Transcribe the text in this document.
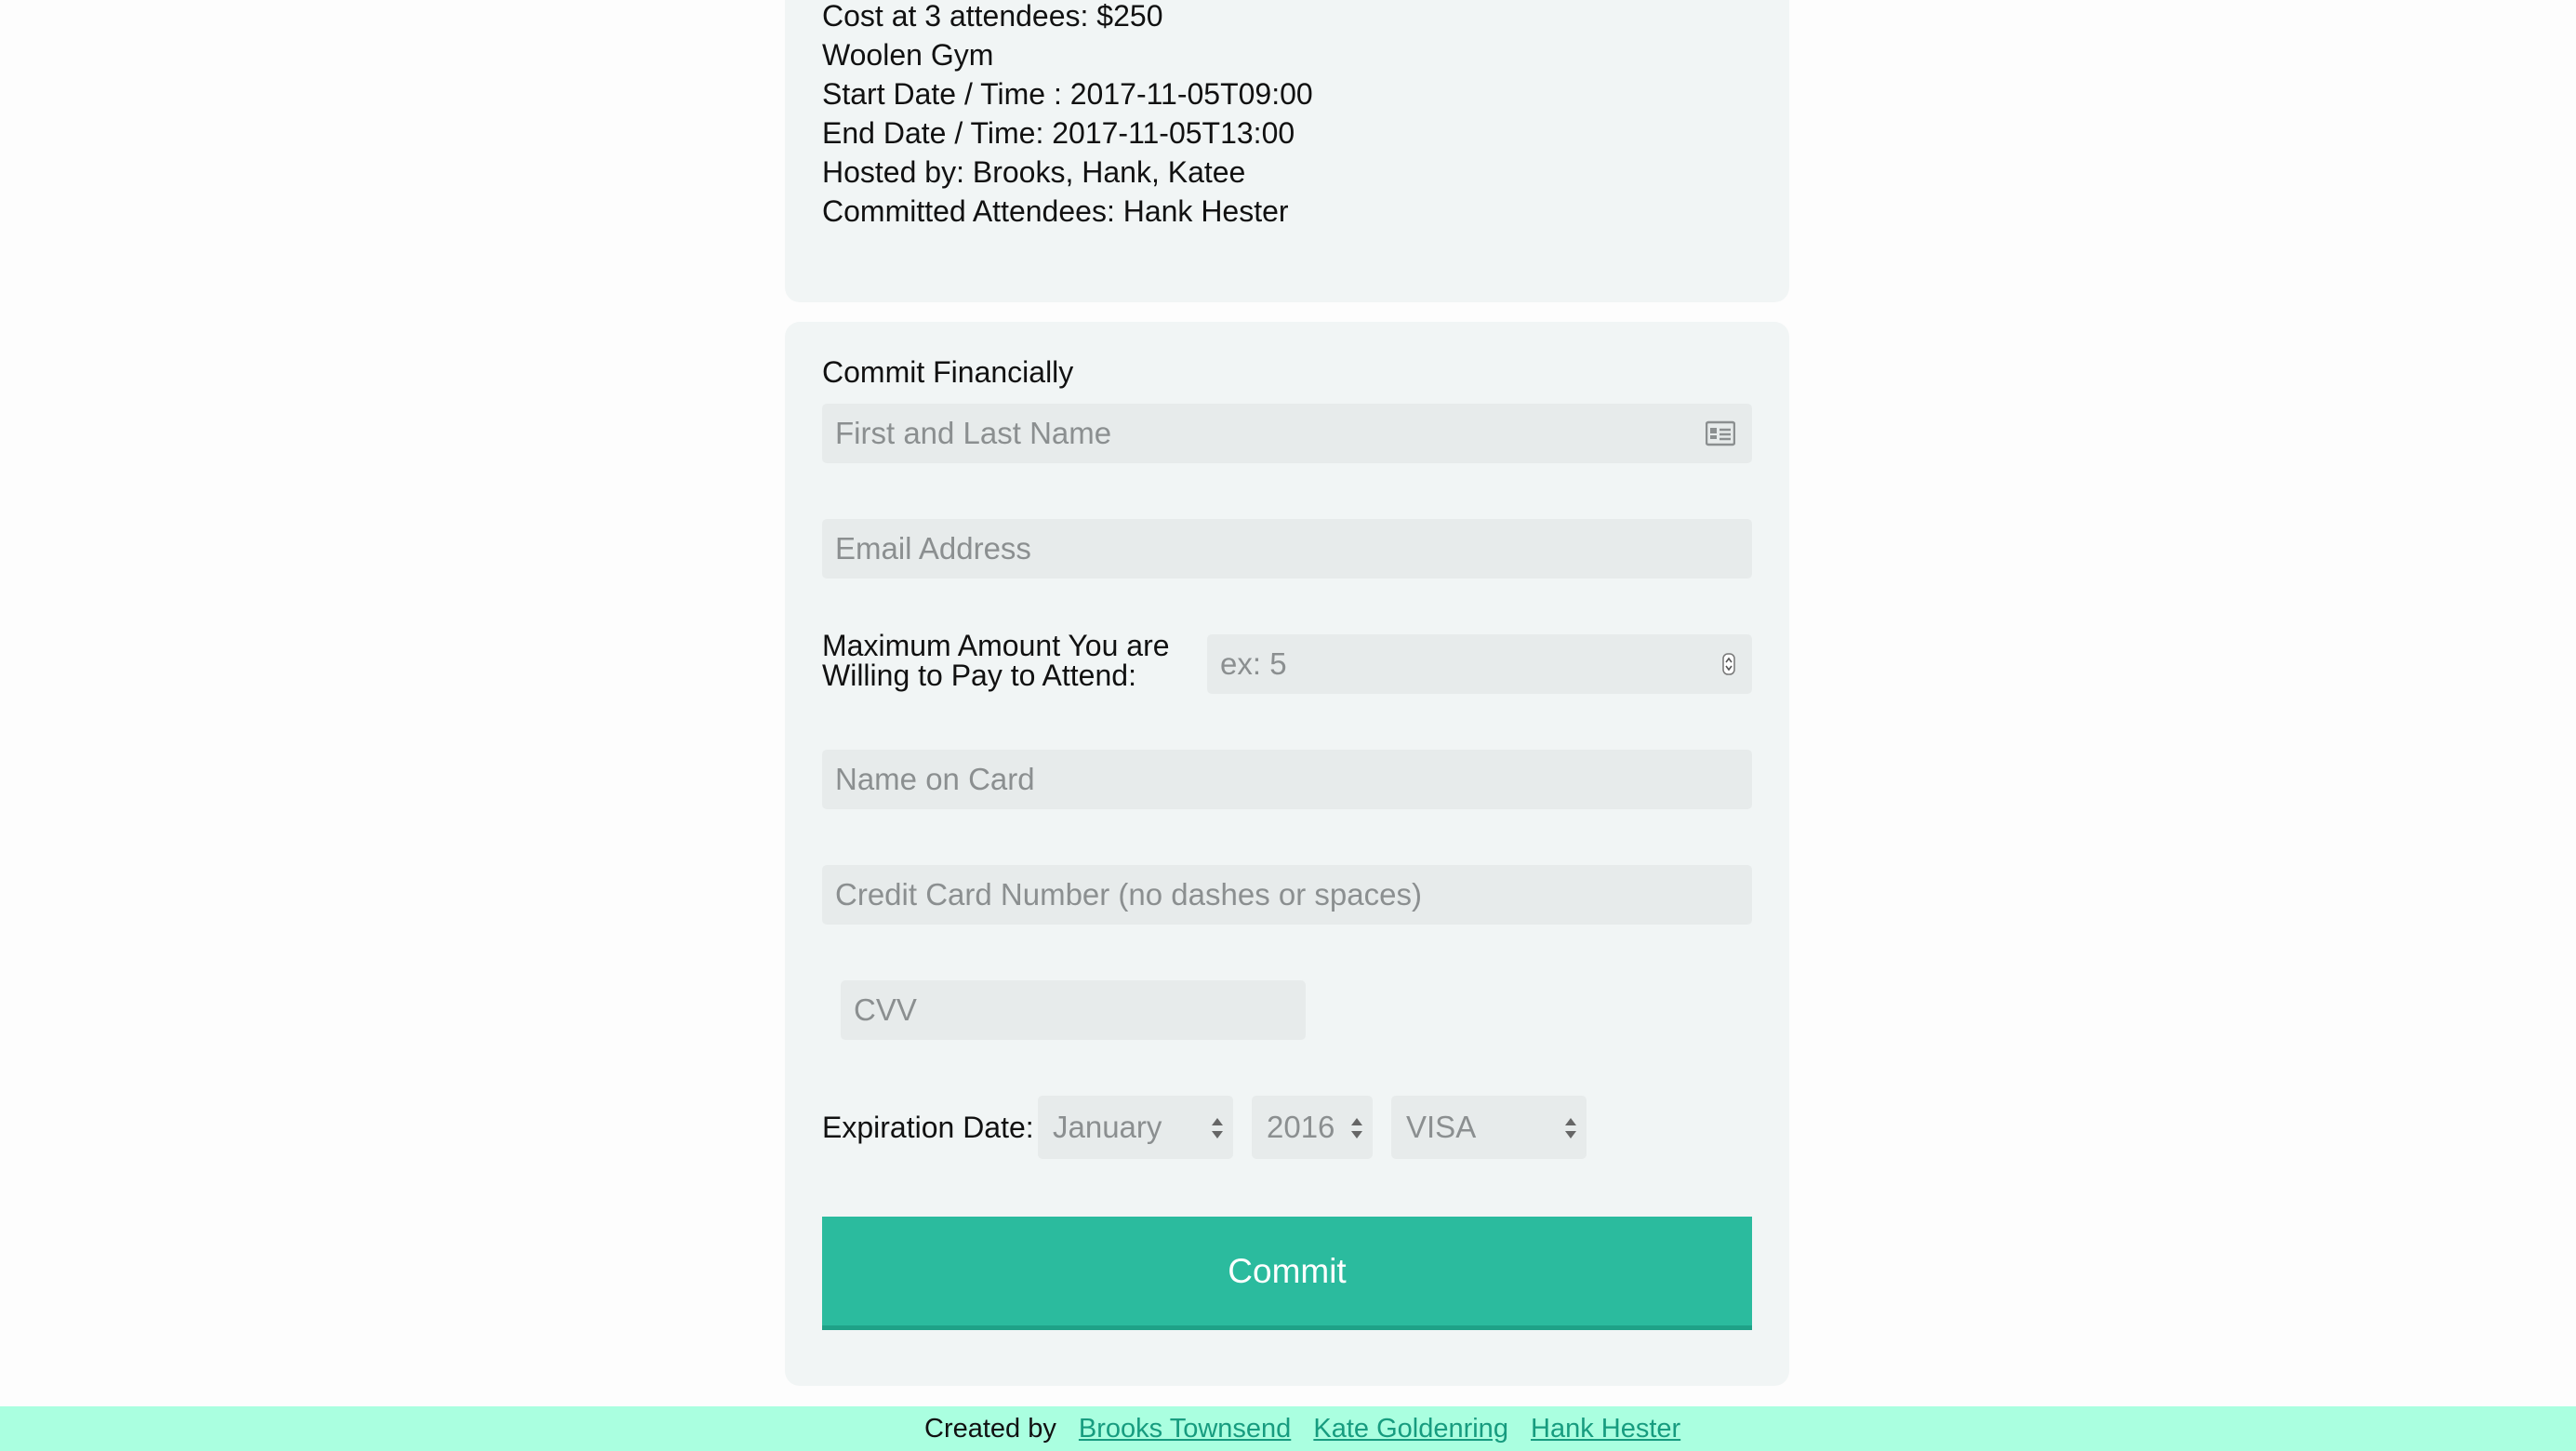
Cost at 3 attendees: $250
Woolen Gym
Start Date / Time : 2017-11-05T09:00
End Date / Time: 2017-11-05T13:00
Hosted by: Brooks, Hank, Katee
Committed Attendees: Hank Hester
Commit Financially
First and Last Name
Email Address
Maximum Amount You are
Willing to Pay to Attend:
ex: 5
Name on Card
Credit Card Number (no dashes or spaces)
CVV
Expiration Date: January	2016 VISA
Commit
Created by Brooks Townsend Kate Goldenring Hank Hester
